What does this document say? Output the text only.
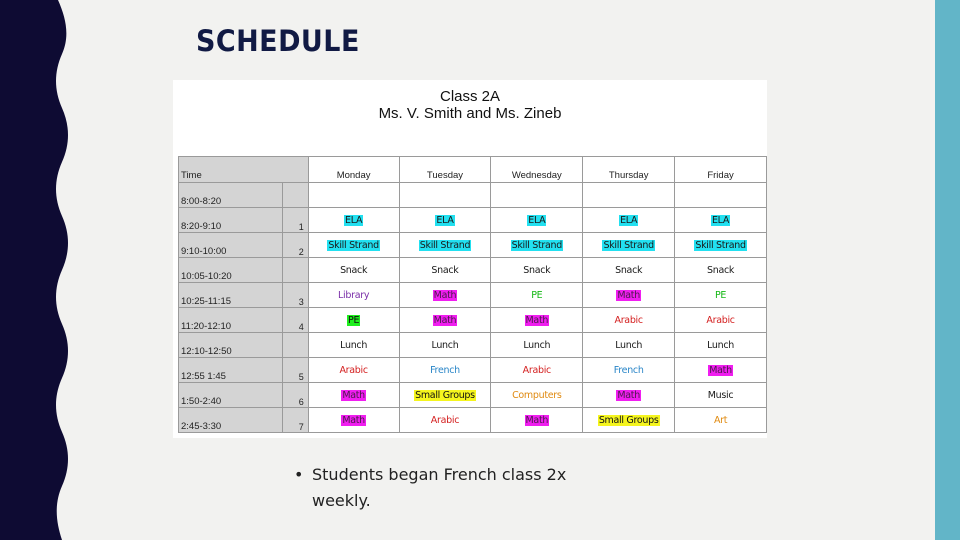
SCHEDULE
Class 2A
Ms. V. Smith and Ms. Zineb
Time		Monday	Tuesday	Wednesday	Thursday	Friday
8:00-8:20						
8:20-9:10	1	ELA	ELA	ELA	ELA	ELA
9:10-10:00	2	Skill Strand	Skill Strand	Skill Strand	Skill Strand	Skill Strand
10:05-10:20		Snack	Snack	Snack	Snack	Snack
10:25-11:15	3	Library	Math	PE	Math	PE
11:20-12:10	4	PE	Math	Math	Arabic	Arabic
12:10-12:50		Lunch	Lunch	Lunch	Lunch	Lunch
12:55 1:45	5	Arabic	French	Arabic	French	Math
1:50-2:40	6	Math	Small Groups	Computers	Math	Music
2:45-3:30	7	Math	Arabic	Math	Small Groups	Art
• Students began French class 2x weekly.
